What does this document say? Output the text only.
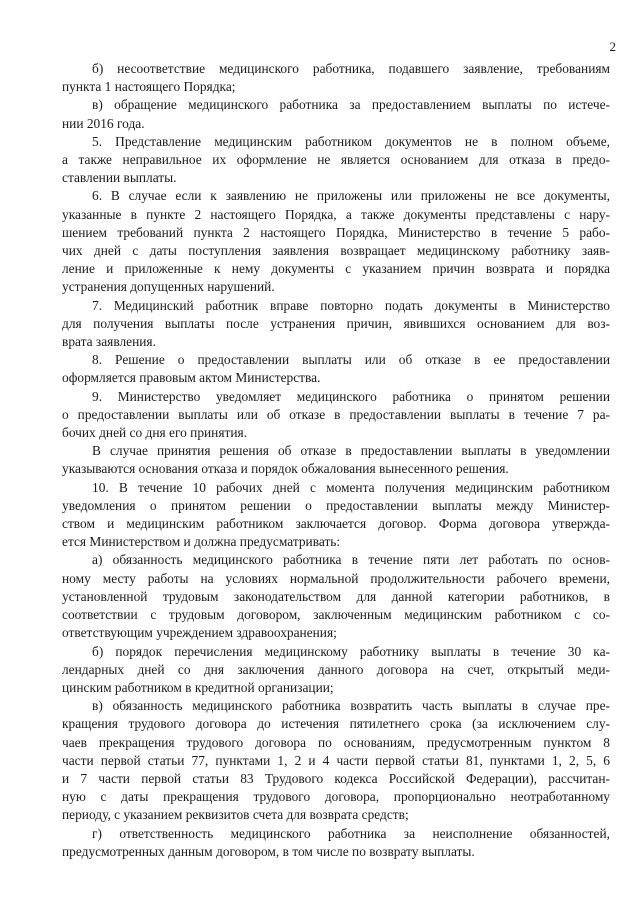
2
б) несоответствие медицинского работника, подавшего заявление, требованиям
пункта 1 настоящего Порядка;
в) обращение медицинского работника за предоставлением выплаты по истече-
нии 2016 года.
5. Представление медицинским работником документов не в полном объеме,
а также неправильное их оформление не является основанием для отказа в предо-
ставлении выплаты.
6. В случае если к заявлению не приложены или приложены не все документы,
указанные в пункте 2 настоящего Порядка, а также документы представлены с нару-
шением требований пункта 2 настоящего Порядка, Министерство в течение 5 рабо-
чих дней с даты поступления заявления возвращает медицинскому работнику заяв-
ление и приложенные к нему документы с указанием причин возврата и порядка
устранения допущенных нарушений.
7. Медицинский работник вправе повторно подать документы в Министерство
для получения выплаты после устранения причин, явившихся основанием для воз-
врата заявления.
8. Решение о предоставлении выплаты или об отказе в ее предоставлении
оформляется правовым актом Министерства.
9. Министерство уведомляет медицинского работника о принятом решении
о предоставлении выплаты или об отказе в предоставлении выплаты в течение 7 ра-
бочих дней со дня его принятия.
В случае принятия решения об отказе в предоставлении выплаты в уведомлении
указываются основания отказа и порядок обжалования вынесенного решения.
10. В течение 10 рабочих дней с момента получения медицинским работником
уведомления о принятом решении о предоставлении выплаты между Министер-
ством и медицинским работником заключается договор. Форма договора утвержда-
ется Министерством и должна предусматривать:
а) обязанность медицинского работника в течение пяти лет работать по основ-
ному месту работы на условиях нормальной продолжительности рабочего времени,
установленной трудовым законодательством для данной категории работников, в
соответствии с трудовым договором, заключенным медицинским работником с со-
ответствующим учреждением здравоохранения;
б) порядок перечисления медицинскому работнику выплаты в течение 30 ка-
лендарных дней со дня заключения данного договора на счет, открытый меди-
цинским работником в кредитной организации;
в) обязанность медицинского работника возвратить часть выплаты в случае пре-
кращения трудового договора до истечения пятилетнего срока (за исключением слу-
чаев прекращения трудового договора по основаниям, предусмотренным пунктом 8
части первой статьи 77, пунктами 1, 2 и 4 части первой статьи 81, пунктами 1, 2, 5, 6
и 7 части первой статьи 83 Трудового кодекса Российской Федерации), рассчитан-
ную с даты прекращения трудового договора, пропорционально неотработанному
периоду, с указанием реквизитов счета для возврата средств;
г) ответственность медицинского работника за неисполнение обязанностей,
предусмотренных данным договором, в том числе по возврату выплаты.
